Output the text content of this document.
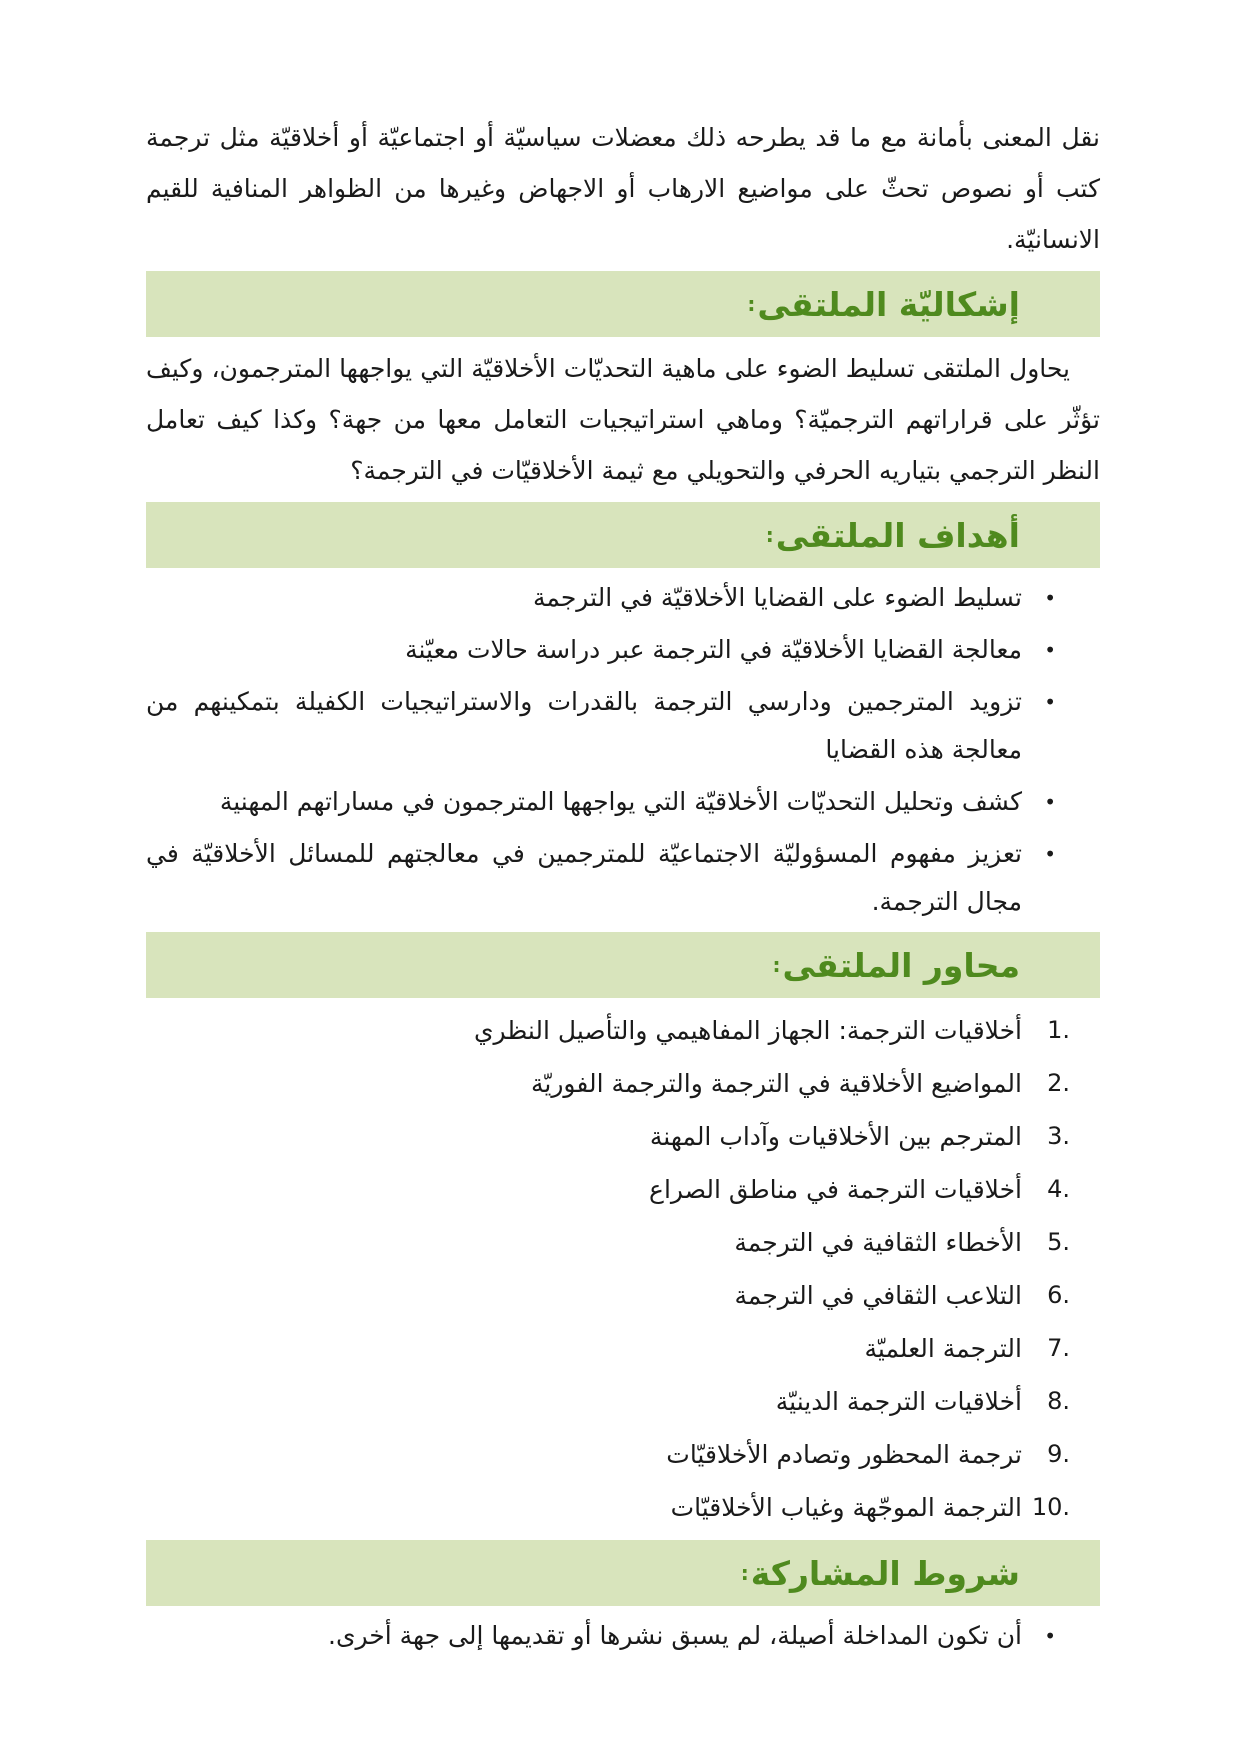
نقل المعنى بأمانة مع ما قد يطرحه ذلك معضلات سياسيّة أو اجتماعيّة أو أخلاقيّة مثل ترجمة كتب أو نصوص تحثّ على مواضيع الارهاب أو الاجهاض وغيرها من الظواهر المنافية للقيم الانسانيّة.

إشكاليّة الملتقى
:

يحاول الملتقى تسليط الضوء على ماهية التحديّات الأخلاقيّة التي يواجهها المترجمون، وكيف تؤثّر على قراراتهم الترجميّة؟ وماهي استراتيجيات التعامل معها من جهة؟ وكذا كيف تعامل النظر الترجمي بتياريه الحرفي والتحويلي مع ثيمة الأخلاقيّات في الترجمة؟

أهداف الملتقى
:
•
تسليط الضوء على القضايا الأخلاقيّة في الترجمة
•
معالجة القضايا الأخلاقيّة في الترجمة عبر دراسة حالات معيّنة
•
تزويد المترجمين ودارسي الترجمة بالقدرات والاستراتيجيات الكفيلة بتمكينهم من معالجة هذه القضايا
•
كشف وتحليل التحديّات الأخلاقيّة التي يواجهها المترجمون في مساراتهم المهنية
•
تعزيز مفهوم المسؤوليّة الاجتماعيّة للمترجمين في معالجتهم للمسائل الأخلاقيّة في مجال الترجمة.
محاور الملتقى
:
1.
أخلاقيات الترجمة: الجهاز المفاهيمي والتأصيل النظري
2.
المواضيع الأخلاقية في الترجمة والترجمة الفوريّة
3.
المترجم بين الأخلاقيات وآداب المهنة
4.
أخلاقيات الترجمة في مناطق الصراع
5.
الأخطاء الثقافية في الترجمة
6.
التلاعب الثقافي في الترجمة
7.
الترجمة العلميّة
8.
أخلاقيات الترجمة الدينيّة
9.
ترجمة المحظور وتصادم الأخلاقيّات
10.
الترجمة الموجّهة وغياب الأخلاقيّات
شروط المشاركة
:
•
أن تكون المداخلة أصيلة، لم يسبق نشرها أو تقديمها إلى جهة أخرى.
